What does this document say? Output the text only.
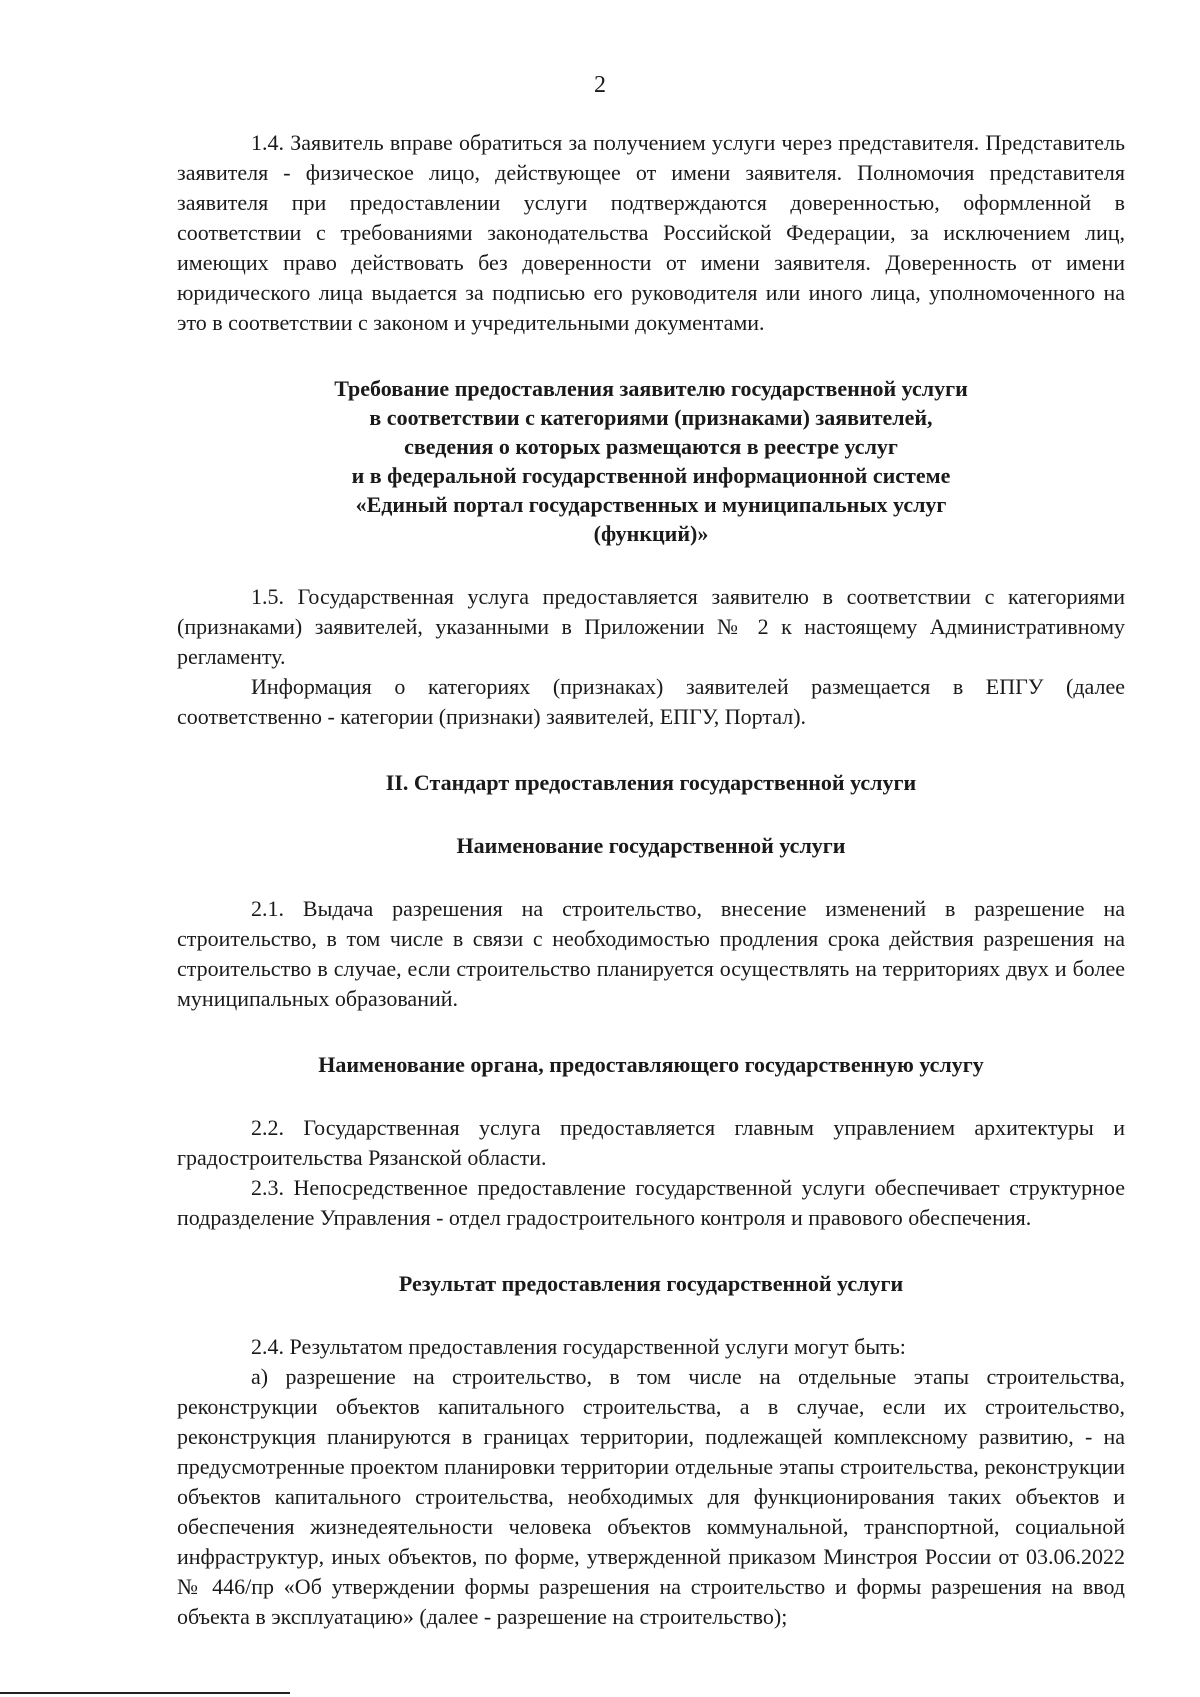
2

1.4. Заявитель вправе обратиться за получением услуги через представителя. Представитель заявителя - физическое лицо, действующее от имени заявителя. Полномочия представителя заявителя при предоставлении услуги подтверждаются доверенностью, оформленной в соответствии с требованиями законодательства Российской Федерации, за исключением лиц, имеющих право действовать без доверенности от имени заявителя. Доверенность от имени юридического лица выдается за подписью его руководителя или иного лица, уполномоченного на это в соответствии с законом и учредительными документами.

Требование предоставления заявителю государственной услуги
в соответствии с категориями (признаками) заявителей,
сведения о которых размещаются в реестре услуг
и в федеральной государственной информационной системе
«Единый портал государственных и муниципальных услуг
(функций)»

1.5. Государственная услуга предоставляется заявителю в соответствии с категориями (признаками) заявителей, указанными в Приложении № 2 к настоящему Административному регламенту.

Информация о категориях (признаках) заявителей размещается в ЕПГУ (далее соответственно - категории (признаки) заявителей, ЕПГУ, Портал).

II. Стандарт предоставления государственной услуги
Наименование государственной услуги

2.1. Выдача разрешения на строительство, внесение изменений в разрешение на строительство, в том числе в связи с необходимостью продления срока действия разрешения на строительство в случае, если строительство планируется осуществлять на территориях двух и более муниципальных образований.

Наименование органа, предоставляющего государственную услугу

2.2. Государственная услуга предоставляется главным управлением архитектуры и градостроительства Рязанской области.

2.3. Непосредственное предоставление государственной услуги обеспечивает структурное подразделение Управления - отдел градостроительного контроля и правового обеспечения.

Результат предоставления государственной услуги

2.4. Результатом предоставления государственной услуги могут быть:

а) разрешение на строительство, в том числе на отдельные этапы строительства, реконструкции объектов капитального строительства, а в случае, если их строительство, реконструкция планируются в границах территории, подлежащей комплексному развитию, - на предусмотренные проектом планировки территории отдельные этапы строительства, реконструкции объектов капитального строительства, необходимых для функционирования таких объектов и обеспечения жизнедеятельности человека объектов коммунальной, транспортной, социальной инфраструктур, иных объектов, по форме, утвержденной приказом Минстроя России от 03.06.2022 № 446/пр «Об утверждении формы разрешения на строительство и формы разрешения на ввод объекта в эксплуатацию» (далее - разрешение на строительство);
